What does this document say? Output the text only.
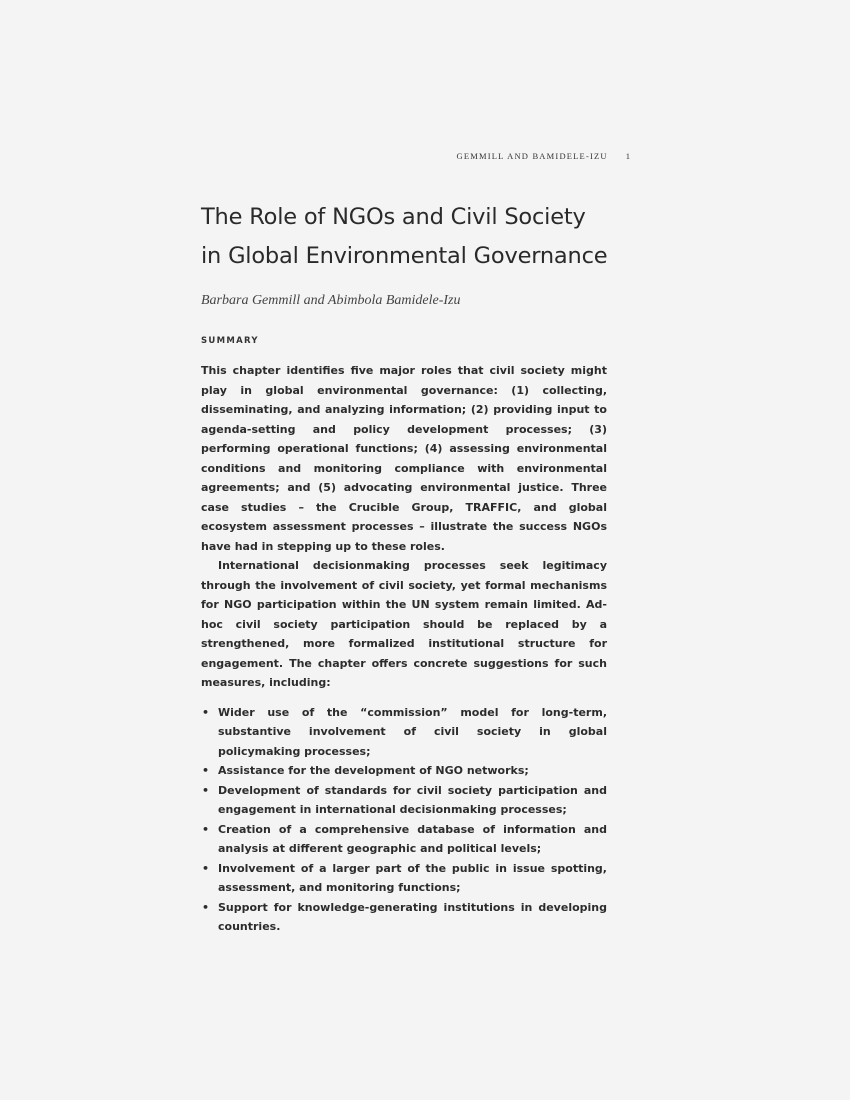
GEMMILL AND BAMIDELE-IZU 1
The Role of NGOs and Civil Society
in Global Environmental Governance

Barbara Gemmill and Abimbola Bamidele-Izu

SUMMARY

This chapter identifies five major roles that civil society might play in global environmental governance: (1) collecting, disseminating, and analyzing information; (2) providing input to agenda-setting and policy development processes; (3) performing operational functions; (4) assessing environmental conditions and monitoring compliance with environmental agreements; and (5) advocating environmental justice. Three case studies – the Crucible Group, TRAFFIC, and global ecosystem assessment processes – illustrate the success NGOs have had in stepping up to these roles.

International decisionmaking processes seek legitimacy through the involvement of civil society, yet formal mechanisms for NGO participation within the UN system remain limited. Ad-hoc civil society participation should be replaced by a strengthened, more formalized institutional structure for engagement. The chapter offers concrete suggestions for such measures, including:

• Wider use of the “commission” model for long-term, substantive involvement of civil society in global policymaking processes;
• Assistance for the development of NGO networks;
• Development of standards for civil society participation and engagement in international decisionmaking processes;
• Creation of a comprehensive database of information and analysis at different geographic and political levels;
• Involvement of a larger part of the public in issue spotting, assessment, and monitoring functions;
• Support for knowledge-generating institutions in developing countries.
